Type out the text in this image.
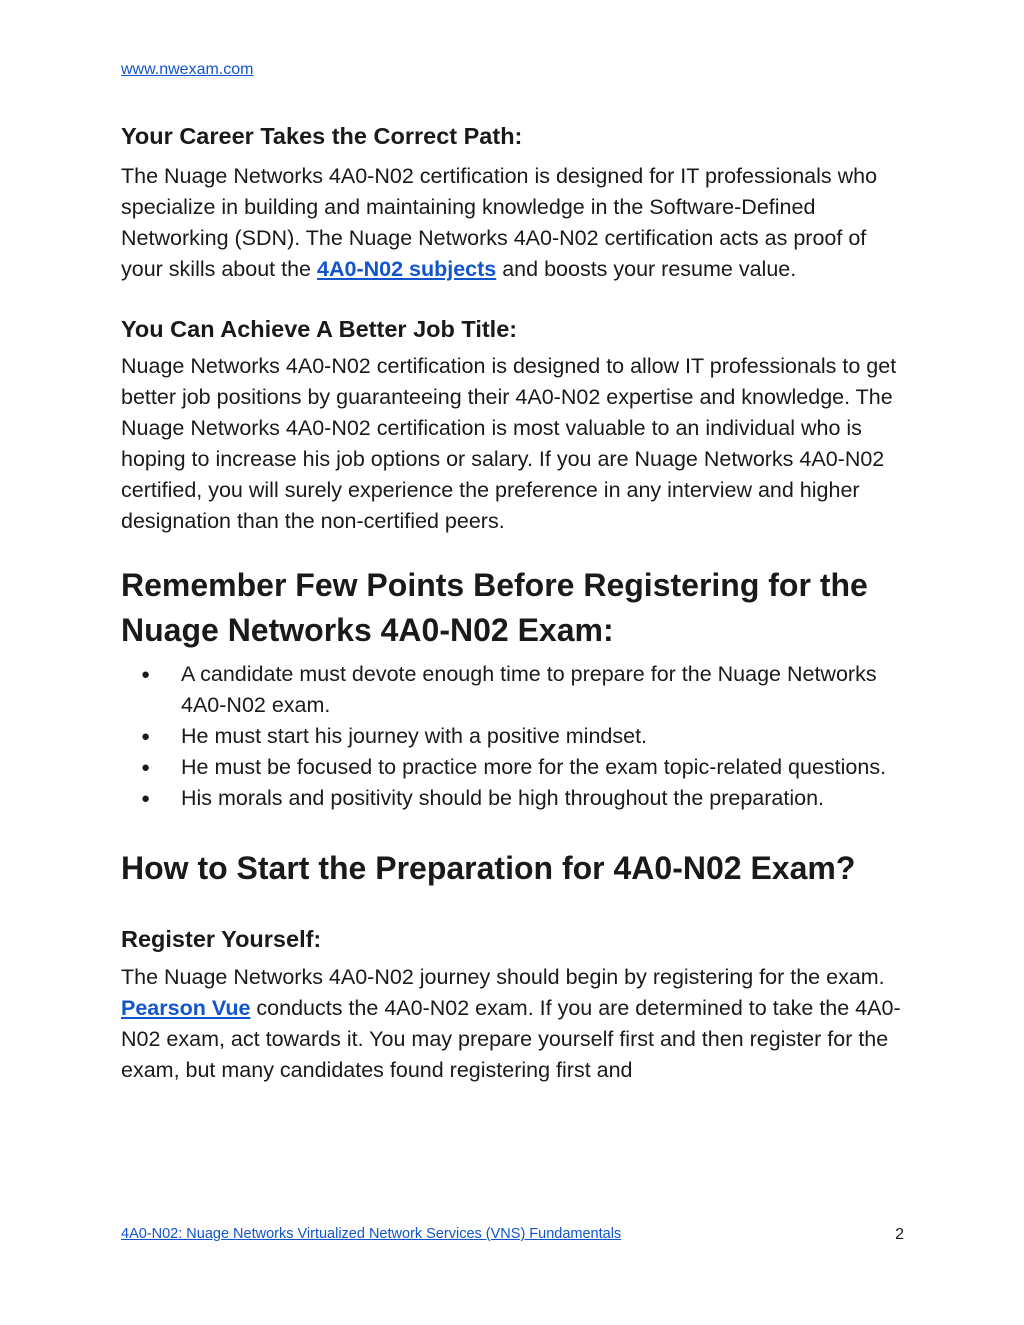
www.nwexam.com
Your Career Takes the Correct Path:

The Nuage Networks 4A0-N02 certification is designed for IT professionals who specialize in building and maintaining knowledge in the Software-Defined Networking (SDN). The Nuage Networks 4A0-N02 certification acts as proof of your skills about the 4A0-N02 subjects and boosts your resume value.

You Can Achieve A Better Job Title:

Nuage Networks 4A0-N02 certification is designed to allow IT professionals to get better job positions by guaranteeing their 4A0-N02 expertise and knowledge. The Nuage Networks 4A0-N02 certification is most valuable to an individual who is hoping to increase his job options or salary. If you are Nuage Networks 4A0-N02 certified, you will surely experience the preference in any interview and higher designation than the non-certified peers.

Remember Few Points Before Registering for the Nuage Networks 4A0-N02 Exam:
● A candidate must devote enough time to prepare for the Nuage Networks 4A0-N02 exam.
● He must start his journey with a positive mindset.
● He must be focused to practice more for the exam topic-related questions.
● His morals and positivity should be high throughout the preparation.
How to Start the Preparation for 4A0-N02 Exam?
Register Yourself:

The Nuage Networks 4A0-N02 journey should begin by registering for the exam. Pearson Vue conducts the 4A0-N02 exam. If you are determined to take the 4A0-N02 exam, act towards it. You may prepare yourself first and then register for the exam, but many candidates found registering first and

4A0-N02: Nuage Networks Virtualized Network Services (VNS) Fundamentals	2
